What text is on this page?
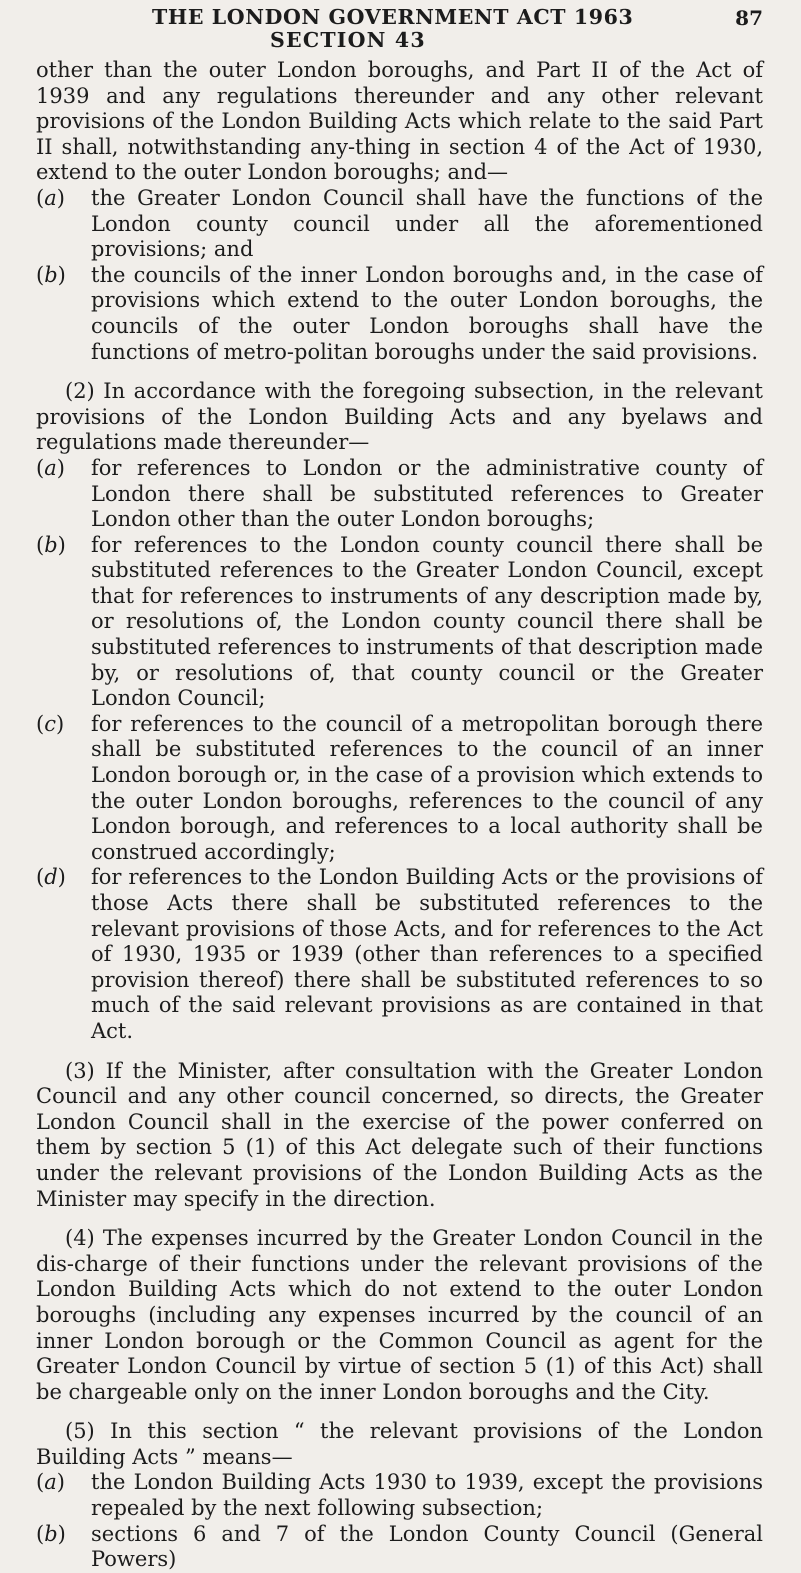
THE LONDON GOVERNMENT ACT 1963	87
SECTION 43

other than the outer London boroughs, and Part II of the Act of 1939 and any regulations thereunder and any other relevant provisions of the London Building Acts which relate to the said Part II shall, notwithstanding any-thing in section 4 of the Act of 1930, extend to the outer London boroughs; and—

(a) the Greater London Council shall have the functions of the London county council under all the aforementioned provisions; and
(b) the councils of the inner London boroughs and, in the case of provisions which extend to the outer London boroughs, the councils of the outer London boroughs shall have the functions of metro-politan boroughs under the said provisions.

(2) In accordance with the foregoing subsection, in the relevant provisions of the London Building Acts and any byelaws and regulations made thereunder—

(a) for references to London or the administrative county of London there shall be substituted references to Greater London other than the outer London boroughs;
(b) for references to the London county council there shall be substituted references to the Greater London Council, except that for references to instruments of any description made by, or resolutions of, the London county council there shall be substituted references to instruments of that description made by, or resolutions of, that county council or the Greater London Council;
(c) for references to the council of a metropolitan borough there shall be substituted references to the council of an inner London borough or, in the case of a provision which extends to the outer London boroughs, references to the council of any London borough, and references to a local authority shall be construed accordingly;
(d) for references to the London Building Acts or the provisions of those Acts there shall be substituted references to the relevant provisions of those Acts, and for references to the Act of 1930, 1935 or 1939 (other than references to a specified provision thereof) there shall be substituted references to so much of the said relevant provisions as are contained in that Act.

(3) If the Minister, after consultation with the Greater London Council and any other council concerned, so directs, the Greater London Council shall in the exercise of the power conferred on them by section 5 (1) of this Act delegate such of their functions under the relevant provisions of the London Building Acts as the Minister may specify in the direction.

(4) The expenses incurred by the Greater London Council in the dis-charge of their functions under the relevant provisions of the London Building Acts which do not extend to the outer London boroughs (including any expenses incurred by the council of an inner London borough or the Common Council as agent for the Greater London Council by virtue of section 5 (1) of this Act) shall be chargeable only on the inner London boroughs and the City.

(5) In this section “ the relevant provisions of the London Building Acts ” means—

(a) the London Building Acts 1930 to 1939, except the provisions repealed by the next following subsection;
(b) sections 6 and 7 of the London County Council (General Powers)
